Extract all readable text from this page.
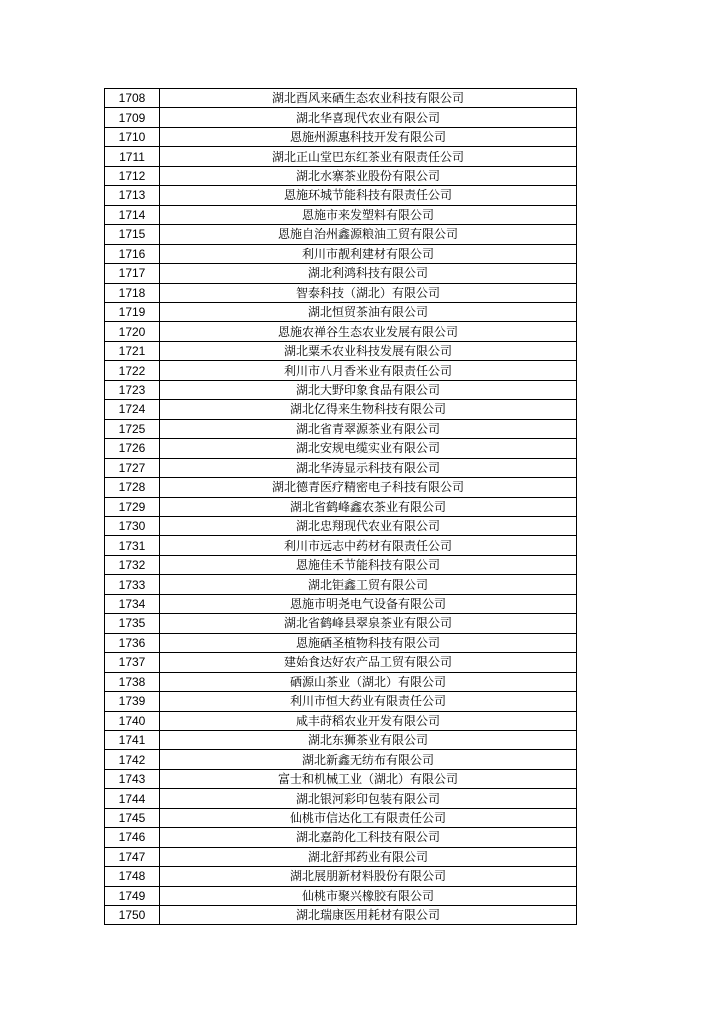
1708	湖北酉风来硒生态农业科技有限公司
1709	湖北华喜现代农业有限公司
1710	恩施州源惠科技开发有限公司
1711	湖北正山堂巴东红茶业有限责任公司
1712	湖北水寨茶业股份有限公司
1713	恩施环城节能科技有限责任公司
1714	恩施市来发塑料有限公司
1715	恩施自治州鑫源粮油工贸有限公司
1716	利川市靓利建材有限公司
1717	湖北利鸿科技有限公司
1718	智泰科技（湖北）有限公司
1719	湖北恒贸茶油有限公司
1720	恩施农禅谷生态农业发展有限公司
1721	湖北粟禾农业科技发展有限公司
1722	利川市八月香米业有限责任公司
1723	湖北大野印象食品有限公司
1724	湖北亿得来生物科技有限公司
1725	湖北省青翠源茶业有限公司
1726	湖北安规电缆实业有限公司
1727	湖北华涛显示科技有限公司
1728	湖北德青医疗精密电子科技有限公司
1729	湖北省鹤峰鑫农茶业有限公司
1730	湖北忠翔现代农业有限公司
1731	利川市远志中药材有限责任公司
1732	恩施佳禾节能科技有限公司
1733	湖北钜鑫工贸有限公司
1734	恩施市明尧电气设备有限公司
1735	湖北省鹤峰县翠泉茶业有限公司
1736	恩施硒圣植物科技有限公司
1737	建始食达好农产品工贸有限公司
1738	硒源山茶业（湖北）有限公司
1739	利川市恒大药业有限责任公司
1740	咸丰莳稻农业开发有限公司
1741	湖北东狮茶业有限公司
1742	湖北新鑫无纺布有限公司
1743	富士和机械工业（湖北）有限公司
1744	湖北银河彩印包装有限公司
1745	仙桃市信达化工有限责任公司
1746	湖北嘉韵化工科技有限公司
1747	湖北舒邦药业有限公司
1748	湖北展朋新材料股份有限公司
1749	仙桃市聚兴橡胶有限公司
1750	湖北瑞康医用耗材有限公司
